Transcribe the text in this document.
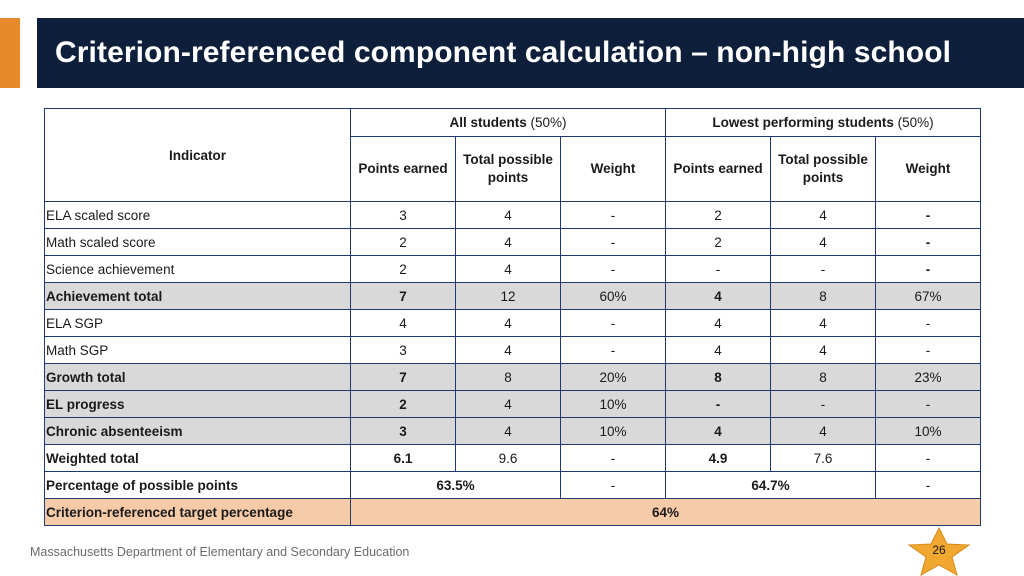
Criterion-referenced component calculation – non-high school
Indicator	All students (50%)			Lowest performing students (50%)		
	Points earned	Total possible points	Weight	Points earned	Total possible points	Weight
ELA scaled score	3	4	-	2	4	-
Math scaled score	2	4	-	2	4	-
Science achievement	2	4	-	-	-	-
Achievement total	7	12	60%	4	8	67%
ELA SGP	4	4	-	4	4	-
Math SGP	3	4	-	4	4	-
Growth total	7	8	20%	8	8	23%
EL progress	2	4	10%	-	-	-
Chronic absenteeism	3	4	10%	4	4	10%
Weighted total	6.1	9.6	-	4.9	7.6	-
Percentage of possible points	63.5%		-	64.7%		-
Criterion-referenced target percentage	64%					
Massachusetts Department of Elementary and Secondary Education	26
